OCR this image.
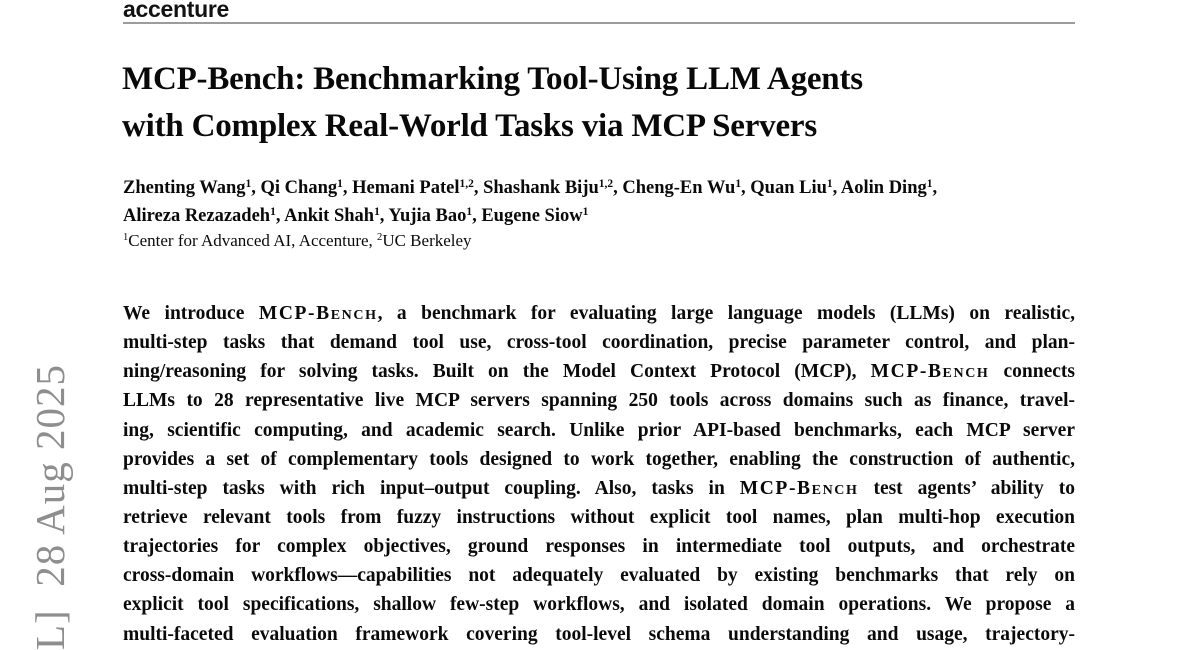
L]  28 Aug 2025
accenture
MCP-Bench: Benchmarking Tool-Using LLM Agents
with Complex Real-World Tasks via MCP Servers
Zhenting Wang$^1$, Qi Chang$^1$, Hemani Patel$^{1,2}$, Shashank Biju$^{1,2}$, Cheng-En Wu$^1$, Quan Liu$^1$, Aolin Ding$^1$,
Alireza Rezazadeh$^1$, Ankit Shah$^1$, Yujia Bao$^1$, Eugene Siow$^1$
$^1$Center for Advanced AI, Accenture, $^2$UC Berkeley
We introduce MCP-Bench, a benchmark for evaluating large language models (LLMs) on realistic,
multi-step tasks that demand tool use, cross-tool coordination, precise parameter control, and plan-
ning/reasoning for solving tasks. Built on the Model Context Protocol (MCP), MCP-Bench connects
LLMs to 28 representative live MCP servers spanning 250 tools across domains such as finance, travel-
ing, scientific computing, and academic search. Unlike prior API-based benchmarks, each MCP server
provides a set of complementary tools designed to work together, enabling the construction of authentic,
multi-step tasks with rich input–output coupling. Also, tasks in MCP-Bench test agents’ ability to
retrieve relevant tools from fuzzy instructions without explicit tool names, plan multi-hop execution
trajectories for complex objectives, ground responses in intermediate tool outputs, and orchestrate
cross-domain workflows—capabilities not adequately evaluated by existing benchmarks that rely on
explicit tool specifications, shallow few-step workflows, and isolated domain operations. We propose a
multi-faceted evaluation framework covering tool-level schema understanding and usage, trajectory-
